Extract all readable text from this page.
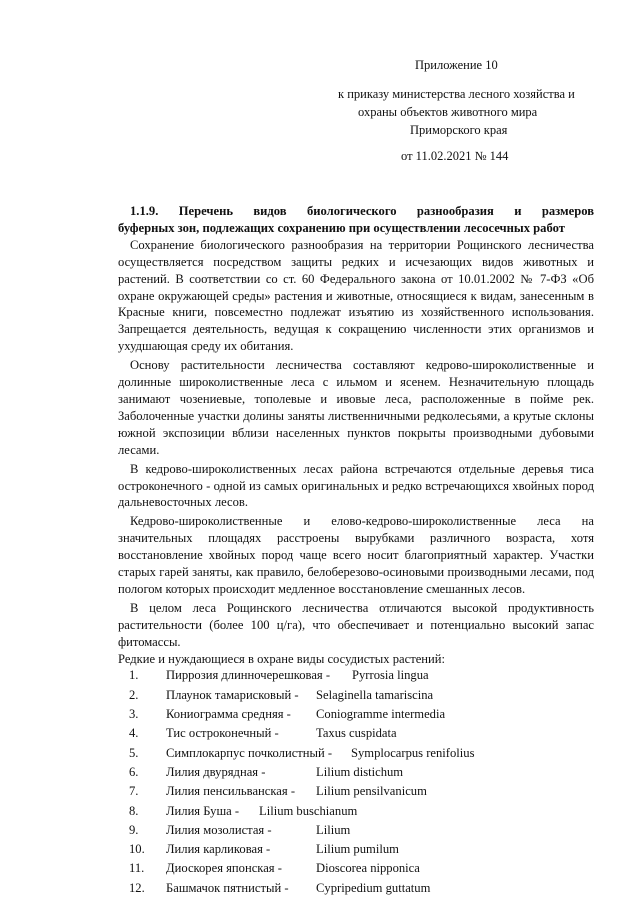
Приложение 10
к приказу министерства лесного хозяйства и
охраны объектов животного мира
Приморского края
от 11.02.2021 № 144
1.1.9. Перечень видов биологического разнообразия и размеров
буферных зон, подлежащих сохранению при осуществлении лесосечных работ

Сохранение биологического разнообразия на территории Рощинского лесничества осуществляется посредством защиты редких и исчезающих видов животных и растений. В соответствии со ст. 60 Федерального закона от 10.01.2002 № 7-ФЗ «Об охране окружающей среды» растения и животные, относящиеся к видам, занесенным в Красные книги, повсеместно подлежат изъятию из хозяйственного использования. Запрещается деятельность, ведущая к сокращению численности этих организмов и ухудшающая среду их обитания.

Основу растительности лесничества составляют кедрово-широколиственные и долинные широколиственные леса с ильмом и ясенем. Незначительную площадь занимают чозениевые, тополевые и ивовые леса, расположенные в пойме рек. Заболоченные участки долины заняты лиственничными редколесьями, а крутые склоны южной экспозиции вблизи населенных пунктов покрыты производными дубовыми лесами.

В кедрово-широколиственных лесах района встречаются отдельные деревья тиса остроконечного - одной из самых оригинальных и редко встречающихся хвойных пород дальневосточных лесов.

Кедрово-широколиственные и елово-кедрово-широколиственные леса на значительных площадях расстроены вырубками различного возраста, хотя восстановление хвойных пород чаще всего носит благоприятный характер. Участки старых гарей заняты, как правило, белоберезово-осиновыми производными лесами, под пологом которых происходит медленное восстановление смешанных лесов.

В целом леса Рощинского лесничества отличаются высокой продуктивность растительности (более 100 ц/га), что обеспечивает и потенциально высокий запас фитомассы.

Редкие и нуждающиеся в охране виды сосудистых растений:

1. Пиррозия длинночерешковая - Pyrrosia lingua
2. Плаунок тамарисковый - Selaginella tamariscina
3. Кониограмма средняя - Coniogramme intermedia
4. Тис остроконечный -	Taxus cuspidata
5. Симплокарпус почколистный - Symplocarpus renifolius
6. Лилия двурядная -	Lilium distichum
7. Лилия пенсильванская - Lilium pensilvanicum
8. Лилия Буша - Lilium buschianum
9. Лилия мозолистая -	Lilium
10. Лилия карликовая -	Lilium pumilum
11. Диоскорея японская -	Dioscorea nipponica
12. Башмачок пятнистый - Cypripedium guttatum
